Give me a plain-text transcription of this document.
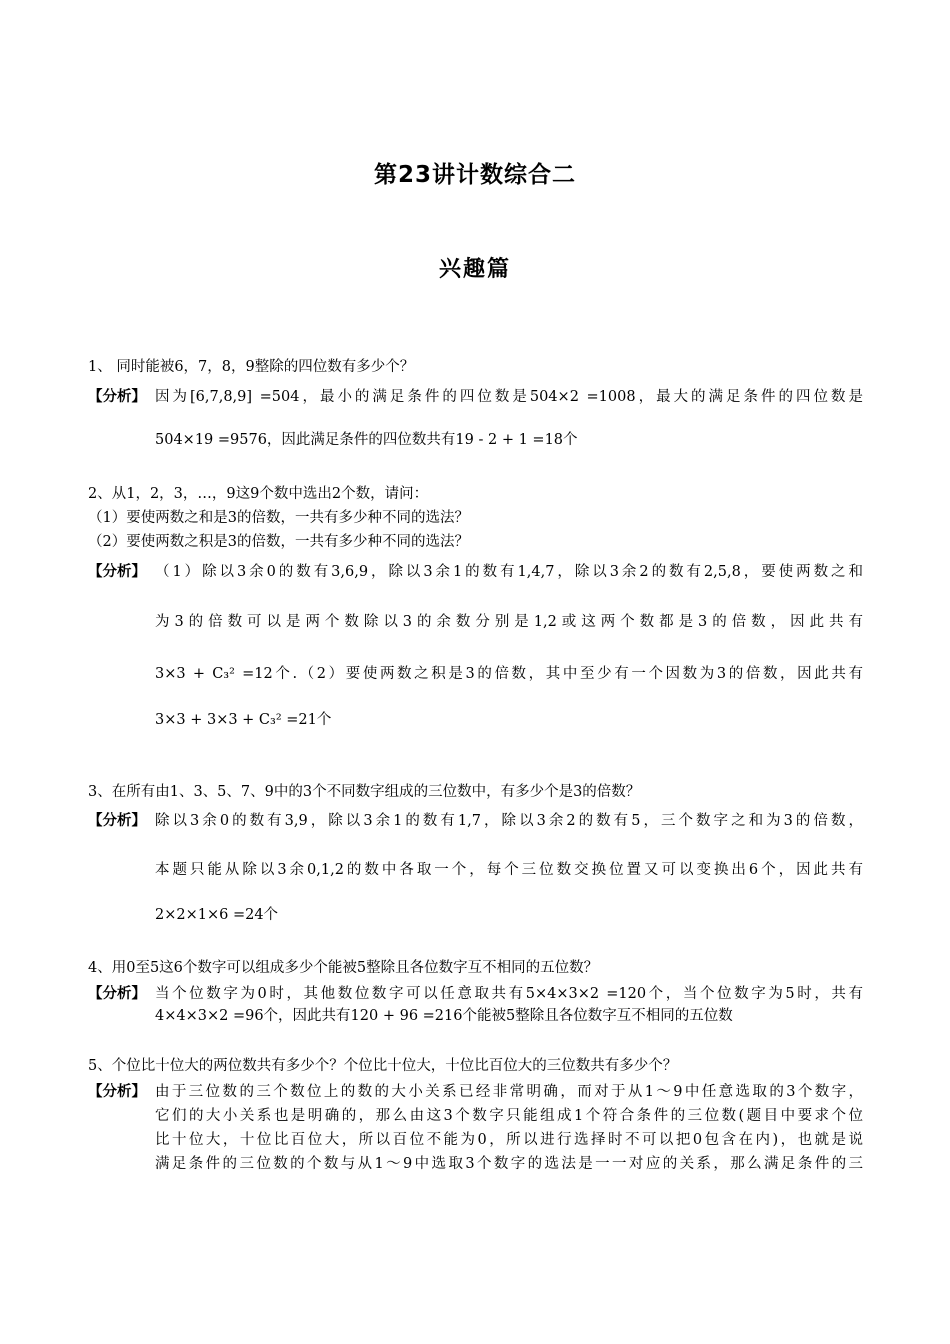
第23讲计数综合二
兴趣篇
1、 同时能被6，7，8，9整除的四位数有多少个？
【分析】 因为[6,7,8,9] =504，最小的满足条件的四位数是504×2 =1008，最大的满足条件的四位数是
504×19 =9576，因此满足条件的四位数共有19 - 2 + 1 =18个
2、从1，2，3，…，9这9个数中选出2个数，请问：
（1）要使两数之和是3的倍数，一共有多少种不同的选法？
（2）要使两数之积是3的倍数，一共有多少种不同的选法？
【分析】 （1）除以3余0的数有3,6,9，除以3余1的数有1,4,7，除以3余2的数有2,5,8，要使两数之和
为3的倍数可以是两个数除以3的余数分别是1,2或这两个数都是3的倍数，因此共有
3×3 + C₃² =12个.（2）要使两数之积是3的倍数，其中至少有一个因数为3的倍数，因此共有
3×3 + 3×3 + C₃² =21个
3、在所有由1、3、5、7、9中的3个不同数字组成的三位数中，有多少个是3的倍数？
【分析】 除以3余0的数有3,9，除以3余1的数有1,7，除以3余2的数有5，三个数字之和为3的倍数，
本题只能从除以3余0,1,2的数中各取一个，每个三位数交换位置又可以变换出6个，因此共有
2×2×1×6 =24个
4、用0至5这6个数字可以组成多少个能被5整除且各位数字互不相同的五位数？
【分析】 当个位数字为0时，其他数位数字可以任意取共有5×4×3×2 =120个，当个位数字为5时，共有
4×4×3×2 =96个，因此共有120 + 96 =216个能被5整除且各位数字互不相同的五位数
5、个位比十位大的两位数共有多少个？个位比十位大，十位比百位大的三位数共有多少个？
【分析】 由于三位数的三个数位上的数的大小关系已经非常明确，而对于从1～9中任意选取的3个数字，
它们的大小关系也是明确的，那么由这3个数字只能组成1个符合条件的三位数(题目中要求个位
比十位大，十位比百位大，所以百位不能为0，所以进行选择时不可以把0包含在内)，也就是说
满足条件的三位数的个数与从1～9中选取3个数字的选法是一一对应的关系，那么满足条件的三
